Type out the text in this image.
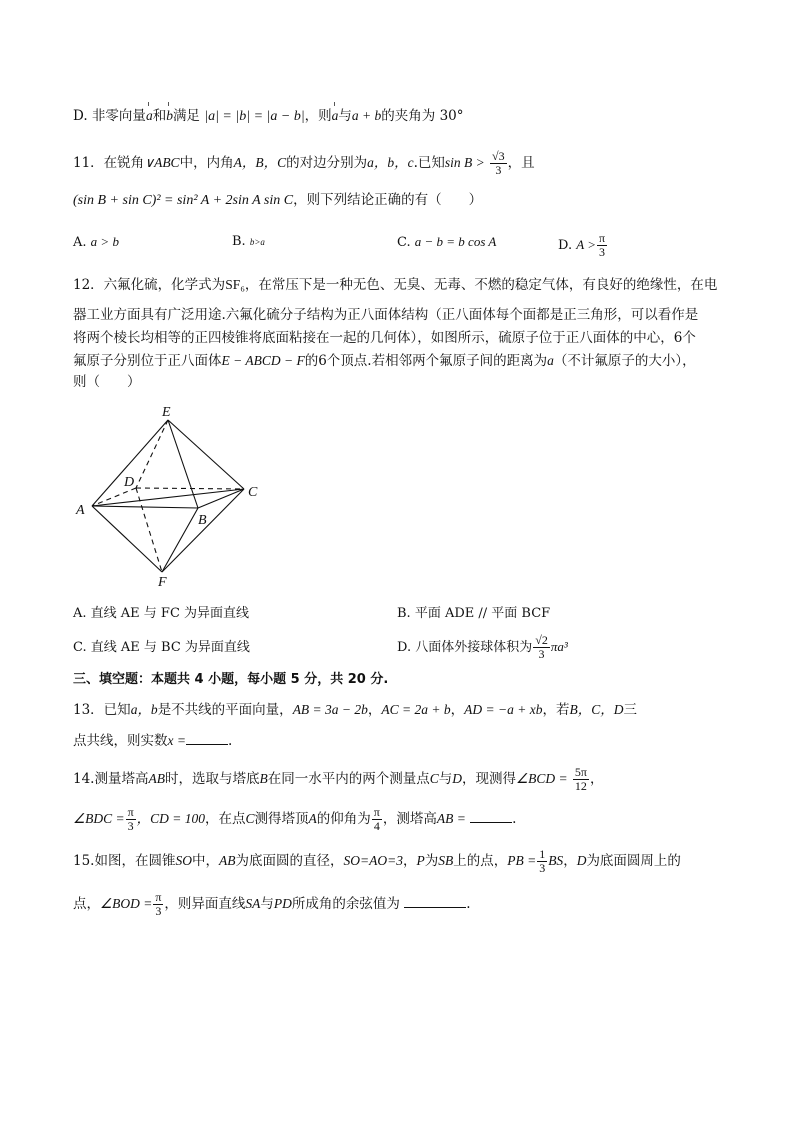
D. 非零向量a和b满足 |a| = |b| = |a − b|，则a与a + b的夹角为 30°
11．在锐角∨ABC中，内角A，B，C的对边分别为a，b，c.已知$\sin B > \frac{√3}{3}$ ，且
(sin B + sin C)² = sin² A + 2sin A sin C，则下列结论正确的有（　　）
A. a > b	B. b>a	C. a − b = b cos A	D. $A > \frac{\pi}{3}$
12．六氟化硫，化学式为SF₆，在常压下是一种无色、无臭、无毒、不燃的稳定气体，有良好的绝缘性，在电
器工业方面具有广泛用途.六氟化硫分子结构为正八面体结构（正八面体每个面都是正三角形，可以看作是
将两个棱长均相等的正四棱锥将底面粘接在一起的几何体），如图所示，硫原子位于正八面体的中心，6个
氟原子分别位于正八面体E − ABCD − F的6个顶点.若相邻两个氟原子间的距离为a（不计氟原子的大小），
则（　　）
E
A
B
C
D
F
A. 直线 AE 与 FC 为异面直线	B. 平面 ADE // 平面 BCF
C. 直线 AE 与 BC 为异面直线	D. 八面体外接球体积为 $\frac{√2}{3} \pi a^3$
三、填空题：本题共 4 小题，每小题 5 分，共 20 分.
13．已知a，b是不共线的平面向量，AB = 3a − 2b，AC = 2a + b，AD = −a + xb，若B，C，D三
点共线，则实数x =	.
14.测量塔高AB时，选取与塔底B在同一水平内的两个测量点C与D，现测得∠BCD = $\frac{5\pi}{12}$ ，
∠BDC = $\frac{\pi}{3}$ ，CD = 100，在点C测得塔顶A的仰角为 $\frac{\pi}{4}$ ，测塔高AB =	.
15.如图，在圆锥SO中，AB为底面圆的直径，SO=AO=3，P为SB上的点，PB = $\frac{1}{3}$ BS，D为底面圆周上的
点，∠BOD = $\frac{\pi}{3}$ ，则异面直线SA与PD所成角的余弦值为	.
